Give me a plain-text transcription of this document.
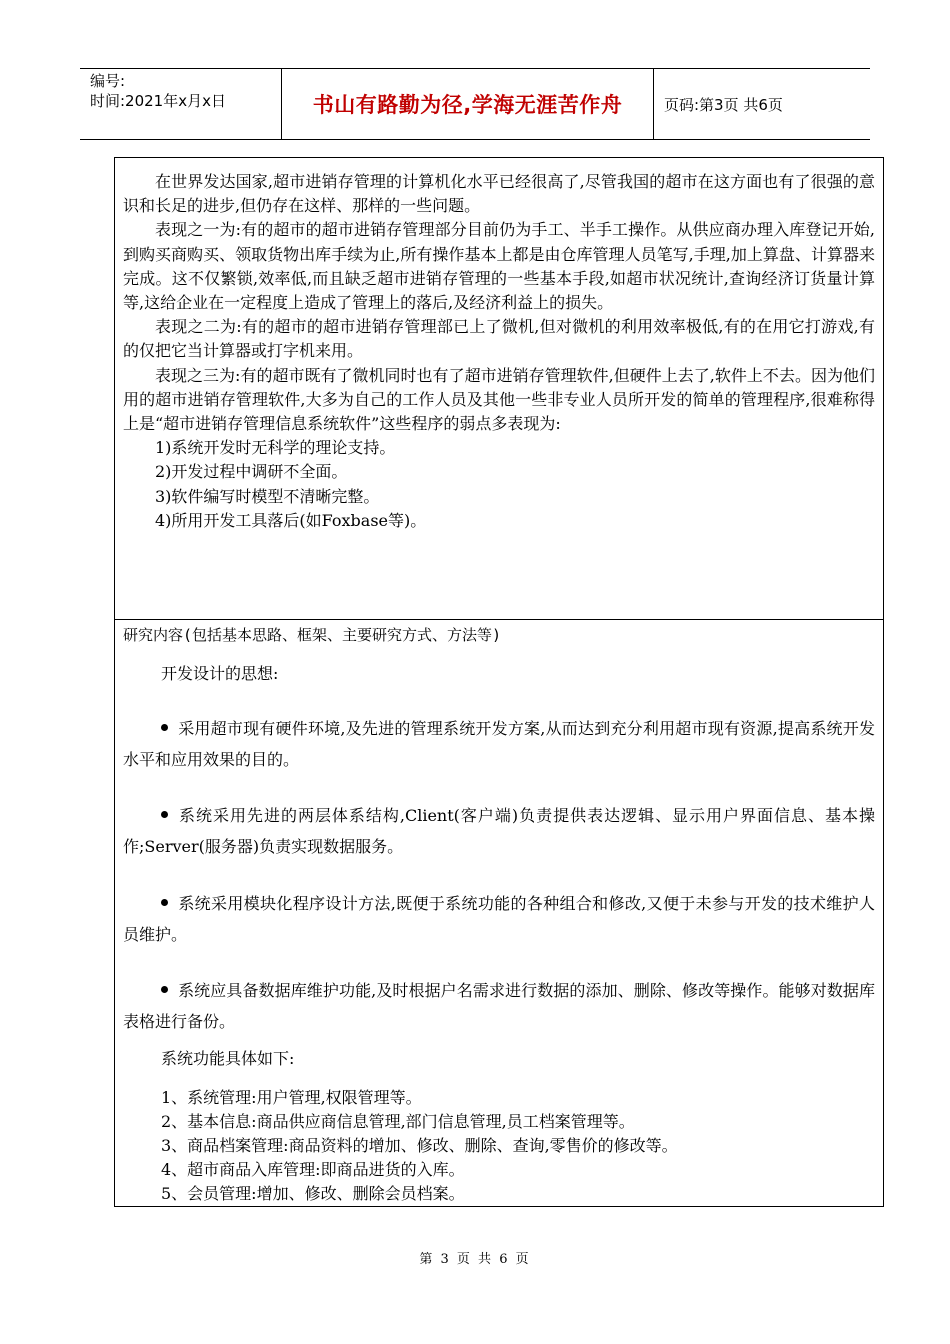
编号:
时间:2021年x月x日	书山有路勤为径,学海无涯苦作舟	页码:第3页 共6页

在世界发达国家,超市进销存管理的计算机化水平已经很高了,尽管我国的超市在这方面也有了很强的意识和长足的进步,但仍存在这样、那样的一些问题。

表现之一为:有的超市的超市进销存管理部分目前仍为手工、半手工操作。从供应商办理入库登记开始,到购买商购买、领取货物出库手续为止,所有操作基本上都是由仓库管理人员笔写,手理,加上算盘、计算器来完成。这不仅繁锁,效率低,而且缺乏超市进销存管理的一些基本手段,如超市状况统计,查询经济订货量计算等,这给企业在一定程度上造成了管理上的落后,及经济利益上的损失。

表现之二为:有的超市的超市进销存管理部已上了微机,但对微机的利用效率极低,有的在用它打游戏,有的仅把它当计算器或打字机来用。

表现之三为:有的超市既有了微机同时也有了超市进销存管理软件,但硬件上去了,软件上不去。因为他们用的超市进销存管理软件,大多为自己的工作人员及其他一些非专业人员所开发的简单的管理程序,很难称得上是“超市进销存管理信息系统软件”这些程序的弱点多表现为:

1)系统开发时无科学的理论支持。

2)开发过程中调研不全面。

3)软件编写时模型不清晰完整。

4)所用开发工具落后(如Foxbase等)。

研究内容(包括基本思路、框架、主要研究方式、方法等)

开发设计的思想:

采用超市现有硬件环境,及先进的管理系统开发方案,从而达到充分利用超市现有资源,提高系统开发水平和应用效果的目的。

系统采用先进的两层体系结构,Client(客户端)负责提供表达逻辑、显示用户界面信息、基本操作;Server(服务器)负责实现数据服务。

系统采用模块化程序设计方法,既便于系统功能的各种组合和修改,又便于未参与开发的技术维护人员维护。

系统应具备数据库维护功能,及时根据户名需求进行数据的添加、删除、修改等操作。能够对数据库表格进行备份。

系统功能具体如下:

1、系统管理:用户管理,权限管理等。

2、基本信息:商品供应商信息管理,部门信息管理,员工档案管理等。

3、商品档案管理:商品资料的增加、修改、删除、查询,零售价的修改等。

4、超市商品入库管理:即商品进货的入库。

5、会员管理:增加、修改、删除会员档案。

第 3 页 共 6 页
